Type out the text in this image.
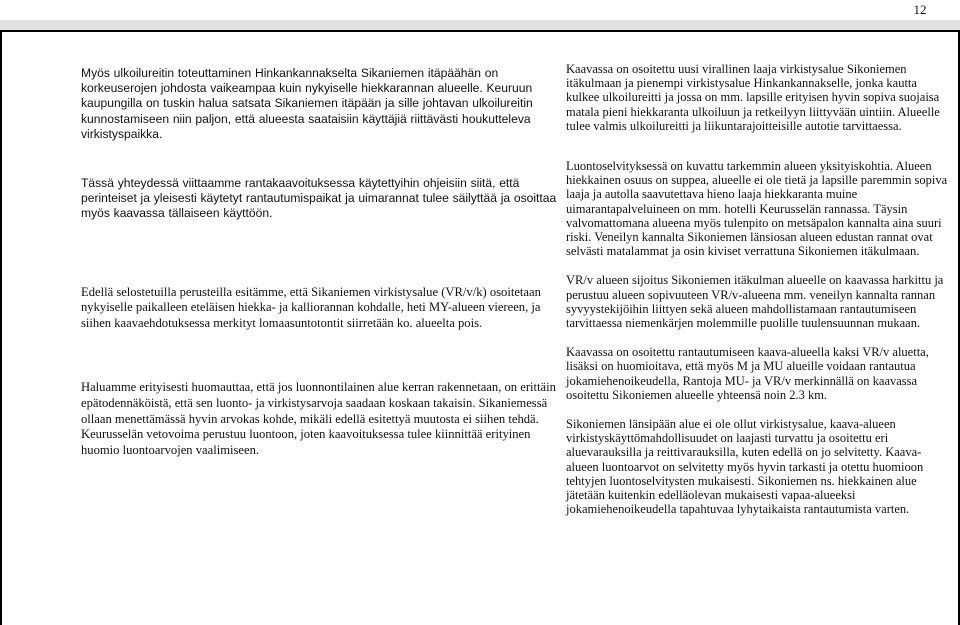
12

Myös ulkoilureitin toteuttaminen Hinkankannakselta Sikaniemen itäpäähän on korkeuserojen johdosta vaikeampaa kuin nykyiselle hiekkarannan alueelle. Keuruun kaupungilla on tuskin halua satsata Sikaniemen itäpään ja sille johtavan ulkoilureitin kunnostamiseen niin paljon, että alueesta saataisiin käyttäjiä riittävästi houkutteleva virkistyspaikka.

Tässä yhteydessä viittaamme rantakaavoituksessa käytettyihin ohjeisiin siitä, että perinteiset ja yleisesti käytetyt rantautumispaikat ja uimarannat tulee säilyttää ja osoittaa myös kaavassa tällaiseen käyttöön.

Edellä selostetuilla perusteilla esitämme, että Sikaniemen virkistysalue (VR/v/k) osoitetaan nykyiselle paikalleen eteläisen hiekka- ja kalliorannan kohdalle, heti MY-alueen viereen, ja siihen kaavaehdotuksessa merkityt lomaasuntotontit siirretään ko. alueelta pois.

Haluamme erityisesti huomauttaa, että jos luonnontilainen alue kerran rakennetaan, on erittäin epätodennäköistä, että sen luonto- ja virkistysarvoja saadaan koskaan takaisin. Sikaniemessä ollaan menettämässä hyvin arvokas kohde, mikäli edellä esitettyä muutosta ei siihen tehdä. Keurusselän vetovoima perustuu luontoon, joten kaavoituksessa tulee kiinnittää erityinen huomio luontoarvojen vaalimiseen.

Kaavassa on osoitettu uusi virallinen laaja virkistysalue Sikoniemen itäkulmaan ja pienempi virkistysalue Hinkankannakselle, jonka kautta kulkee ulkoilureitti ja jossa on mm. lapsille erityisen hyvin sopiva suojaisa matala pieni hiekkaranta ulkoiluun ja retkeilyyn liittyvään uintiin. Alueelle tulee valmis ulkoilureitti ja liikuntarajoitteisille autotie tarvittaessa.

Luontoselvityksessä on kuvattu tarkemmin alueen yksityiskohtia. Alueen hiekkainen osuus on suppea, alueelle ei ole tietä ja lapsille paremmin sopiva laaja ja autolla saavutettava hieno laaja hiekkaranta muine uimarantapalveluineen on mm. hotelli Keurusselän rannassa. Täysin valvomattomana alueena myös tulenpito on metsäpalon kannalta aina suuri riski. Veneilyn kannalta Sikoniemen länsiosan alueen edustan rannat ovat selvästi matalammat ja osin kiviset verrattuna Sikoniemen itäkulmaan.

VR/v alueen sijoitus Sikoniemen itäkulman alueelle on kaavassa harkittu ja perustuu alueen sopivuuteen VR/v-alueena mm. veneilyn kannalta rannan syvyystekijöihin liittyen sekä alueen mahdollistamaan rantautumiseen tarvittaessa niemenkärjen molemmille puolille tuulensuunnan mukaan.

Kaavassa on osoitettu rantautumiseen kaava-alueella kaksi VR/v aluetta, lisäksi on huomioitava, että myös M ja MU alueille voidaan rantautua jokamiehenoikeudella, Rantoja MU- ja VR/v merkinnällä on kaavassa osoitettu Sikoniemen alueelle yhteensä noin 2.3 km.

Sikoniemen länsipään alue ei ole ollut virkistysalue, kaava-alueen virkistyskäyttömahdollisuudet on laajasti turvattu ja osoitettu eri aluevarauksilla ja reittivarauksilla, kuten edellä on jo selvitetty. Kaava-alueen luontoarvot on selvitetty myös hyvin tarkasti ja otettu huomioon tehtyjen luontoselvitysten mukaisesti. Sikoniemen ns. hiekkainen alue jätetään kuitenkin edelläolevan mukaisesti vapaa-alueeksi jokamiehenoikeudella tapahtuvaa lyhytaikaista rantautumista varten.
